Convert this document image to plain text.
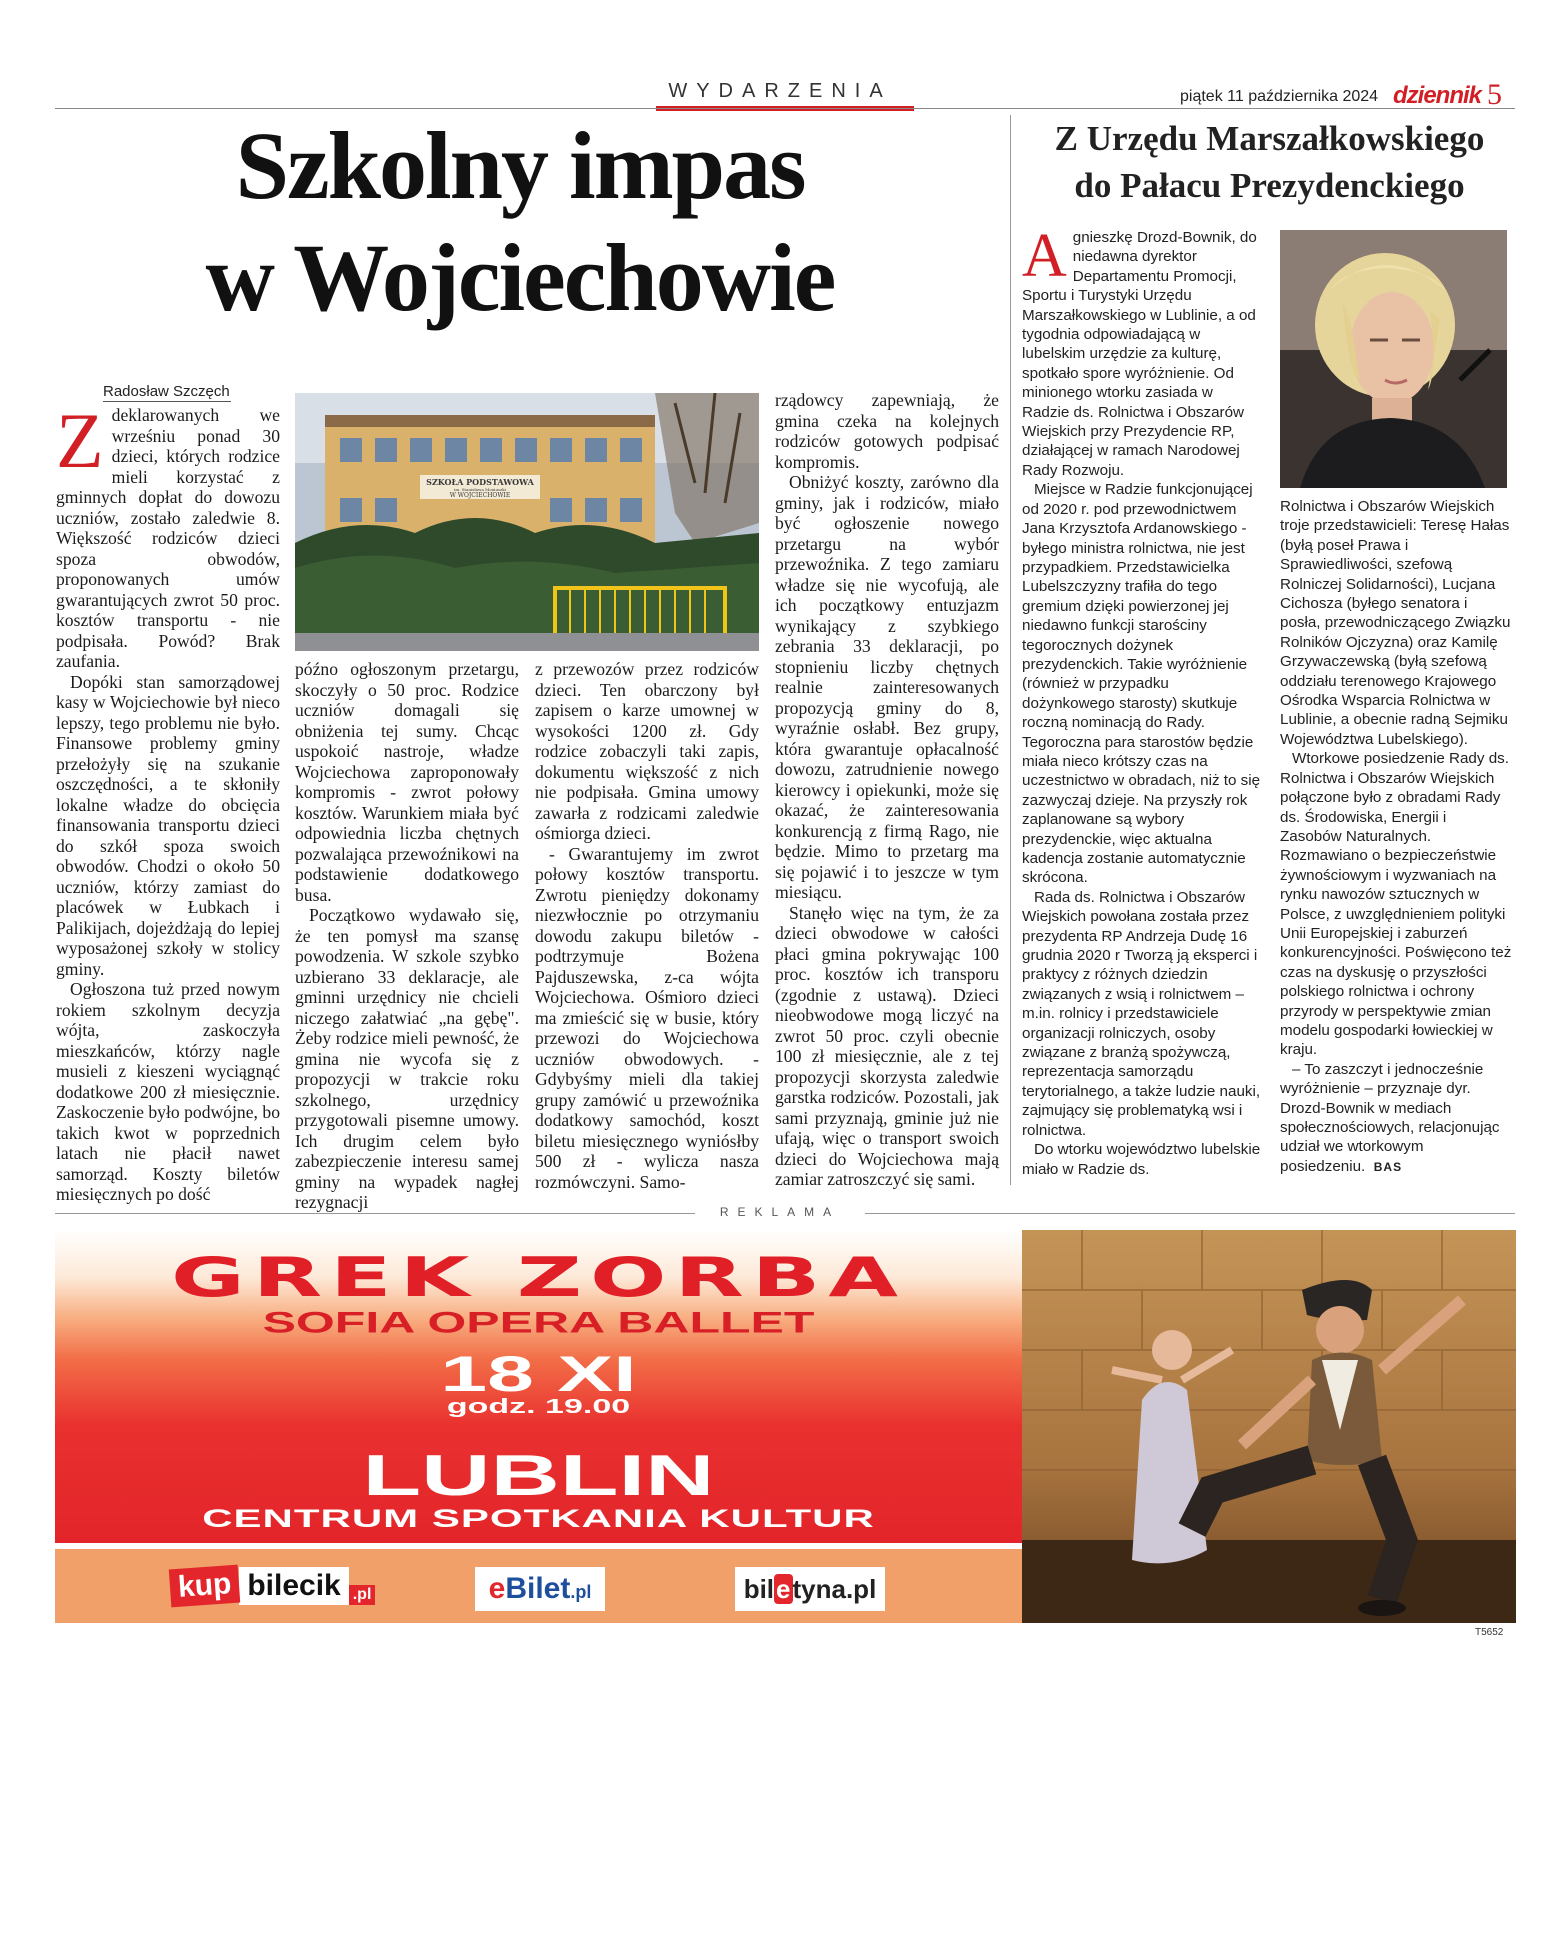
WYDARZENIA	piątek 11 października 2024 dziennik 5
Szkolny impas
w Wojciechowie
Radosław Szczęch

Zdeklarowanych we wrześniu ponad 30 dzieci, których rodzice mieli korzystać z gminnych dopłat do dowozu uczniów, zostało zaledwie 8. Większość rodziców dzieci spoza obwodów, proponowanych umów gwarantujących zwrot 50 proc. kosztów transportu - nie podpisała. Powód? Brak zaufania.

Dopóki stan samorządowej kasy w Wojciechowie był nieco lepszy, tego problemu nie było. Finansowe problemy gminy przełożyły się na szukanie oszczędności, a te skłoniły lokalne władze do obcięcia finansowania transportu dzieci do szkół spoza swoich obwodów. Chodzi o około 50 uczniów, którzy zamiast do placówek w Łubkach i Palikijach, dojeżdżają do lepiej wyposażonej szkoły w stolicy gminy.

Ogłoszona tuż przed nowym rokiem szkolnym decyzja wójta, zaskoczyła mieszkańców, którzy nagle musieli z kieszeni wyciągnąć dodatkowe 200 zł miesięcznie. Zaskoczenie było podwójne, bo takich kwot w poprzednich latach nie płacił nawet samorząd. Koszty biletów miesięcznych po dość

SZKOŁA PODSTAWOWA
im. Stanisława Moniuszki
W WOJCIECHOWIE

późno ogłoszonym przetargu, skoczyły o 50 proc. Rodzice uczniów domagali się obniżenia tej sumy. Chcąc uspokoić nastroje, władze Wojciechowa zaproponowały kompromis - zwrot połowy kosztów. Warunkiem miała być odpowiednia liczba chętnych pozwalająca przewoźnikowi na podstawienie dodatkowego busa.

Początkowo wydawało się, że ten pomysł ma szansę powodzenia. W szkole szybko uzbierano 33 deklaracje, ale gminni urzędnicy nie chcieli niczego załatwiać „na gębę". Żeby rodzice mieli pewność, że gmina nie wycofa się z propozycji w trakcie roku szkolnego, urzędnicy przygotowali pisemne umowy. Ich drugim celem było zabezpieczenie interesu samej gminy na wypadek nagłej rezygnacji

z przewozów przez rodziców dzieci. Ten obarczony był zapisem o karze umownej w wysokości 1200 zł. Gdy rodzice zobaczyli taki zapis, dokumentu większość z nich nie podpisała. Gmina umowy zawarła z rodzicami zaledwie ośmiorga dzieci.

- Gwarantujemy im zwrot połowy kosztów transportu. Zwrotu pieniędzy dokonamy niezwłocznie po otrzymaniu dowodu zakupu biletów - podtrzymuje Bożena Pajduszewska, z-ca wójta Wojciechowa. Ośmioro dzieci ma zmieścić się w busie, który przewozi do Wojciechowa uczniów obwodowych. - Gdybyśmy mieli dla takiej grupy zamówić u przewoźnika dodatkowy samochód, koszt biletu miesięcznego wyniósłby 500 zł - wylicza nasza rozmówczyni. Samo-

rządowcy zapewniają, że gmina czeka na kolejnych rodziców gotowych podpisać kompromis.

Obniżyć koszty, zarówno dla gminy, jak i rodziców, miało być ogłoszenie nowego przetargu na wybór przewoźnika. Z tego zamiaru władze się nie wycofują, ale ich początkowy entuzjazm wynikający z szybkiego zebrania 33 deklaracji, po stopnieniu liczby chętnych realnie zainteresowanych propozycją gminy do 8, wyraźnie osłabł. Bez grupy, która gwarantuje opłacalność dowozu, zatrudnienie nowego kierowcy i opiekunki, może się okazać, że zainteresowania konkurencją z firmą Rago, nie będzie. Mimo to przetarg ma się pojawić i to jeszcze w tym miesiącu.

Stanęło więc na tym, że za dzieci obwodowe w całości płaci gmina pokrywając 100 proc. kosztów ich transporu (zgodnie z ustawą). Dzieci nieobwodowe mogą liczyć na zwrot 50 proc. czyli obecnie 100 zł miesięcznie, ale z tej propozycji skorzysta zaledwie garstka rodziców. Pozostali, jak sami przyznają, gminie już nie ufają, więc o transport swoich dzieci do Wojciechowa mają zamiar zatroszczyć się sami.

Z Urzędu Marszałkowskiego
do Pałacu Prezydenckiego

Agnieszkę Drozd-Bownik, do niedawna dyrektor Departamentu Promocji, Sportu i Turystyki Urzędu Marszałkowskiego w Lublinie, a od tygodnia odpowiadającą w lubelskim urzędzie za kulturę, spotkało spore wyróżnienie. Od minionego wtorku zasiada w Radzie ds. Rolnictwa i Obszarów Wiejskich przy Prezydencie RP, działającej w ramach Narodowej Rady Rozwoju.

Miejsce w Radzie funkcjonującej od 2020 r. pod przewodnictwem Jana Krzysztofa Ardanowskiego - byłego ministra rolnictwa, nie jest przypadkiem. Przedstawicielka Lubelszczyzny trafiła do tego gremium dzięki powierzonej jej niedawno funkcji starościny tegorocznych dożynek prezydenckich. Takie wyróżnienie (również w przypadku dożynkowego starosty) skutkuje roczną nominacją do Rady. Tegoroczna para starostów będzie miała nieco krótszy czas na uczestnictwo w obradach, niż to się zazwyczaj dzieje. Na przyszły rok zaplanowane są wybory prezydenckie, więc aktualna kadencja zostanie automatycznie skrócona.

Rada ds. Rolnictwa i Obszarów Wiejskich powołana została przez prezydenta RP Andrzeja Dudę 16 grudnia 2020 r Tworzą ją eksperci i praktycy z różnych dziedzin związanych z wsią i rolnictwem – m.in. rolnicy i przedstawiciele organizacji rolniczych, osoby związane z branżą spożywczą, reprezentacja samorządu terytorialnego, a także ludzie nauki, zajmujący się problematyką wsi i rolnictwa.

Do wtorku województwo lubelskie miało w Radzie ds.

Rolnictwa i Obszarów Wiejskich troje przedstawicieli: Teresę Hałas (byłą poseł Prawa i Sprawiedliwości, szefową Rolniczej Solidarności), Lucjana Cichosza (byłego senatora i posła, przewodniczącego Związku Rolników Ojczyzna) oraz Kamilę Grzywaczewską (byłą szefową oddziału terenowego Krajowego Ośrodka Wsparcia Rolnictwa w Lublinie, a obecnie radną Sejmiku Województwa Lubelskiego).

Wtorkowe posiedzenie Rady ds. Rolnictwa i Obszarów Wiejskich połączone było z obradami Rady ds. Środowiska, Energii i Zasobów Naturalnych. Rozmawiano o bezpieczeństwie żywnościowym i wyzwaniach na rynku nawozów sztucznych w Polsce, z uwzględnieniem polityki Unii Europejskiej i zaburzeń konkurencyjności. Poświęcono też czas na dyskusję o przyszłości polskiego rolnictwa i ochrony przyrody w perspektywie zmian modelu gospodarki łowieckiej w kraju.

– To zaszczyt i jednocześnie wyróżnienie – przyznaje dyr. Drozd-Bownik w mediach społecznościowych, relacjonując udział we wtorkowym posiedzeniu. BAS

REKLAMA
GREK ZORBA
SOFIA OPERA BALLET
18 XI
godz. 19.00
LUBLIN
CENTRUM SPOTKANIA KULTUR
kup bilecik .pl	eBilet.pl	biletyna.pl
T5652
